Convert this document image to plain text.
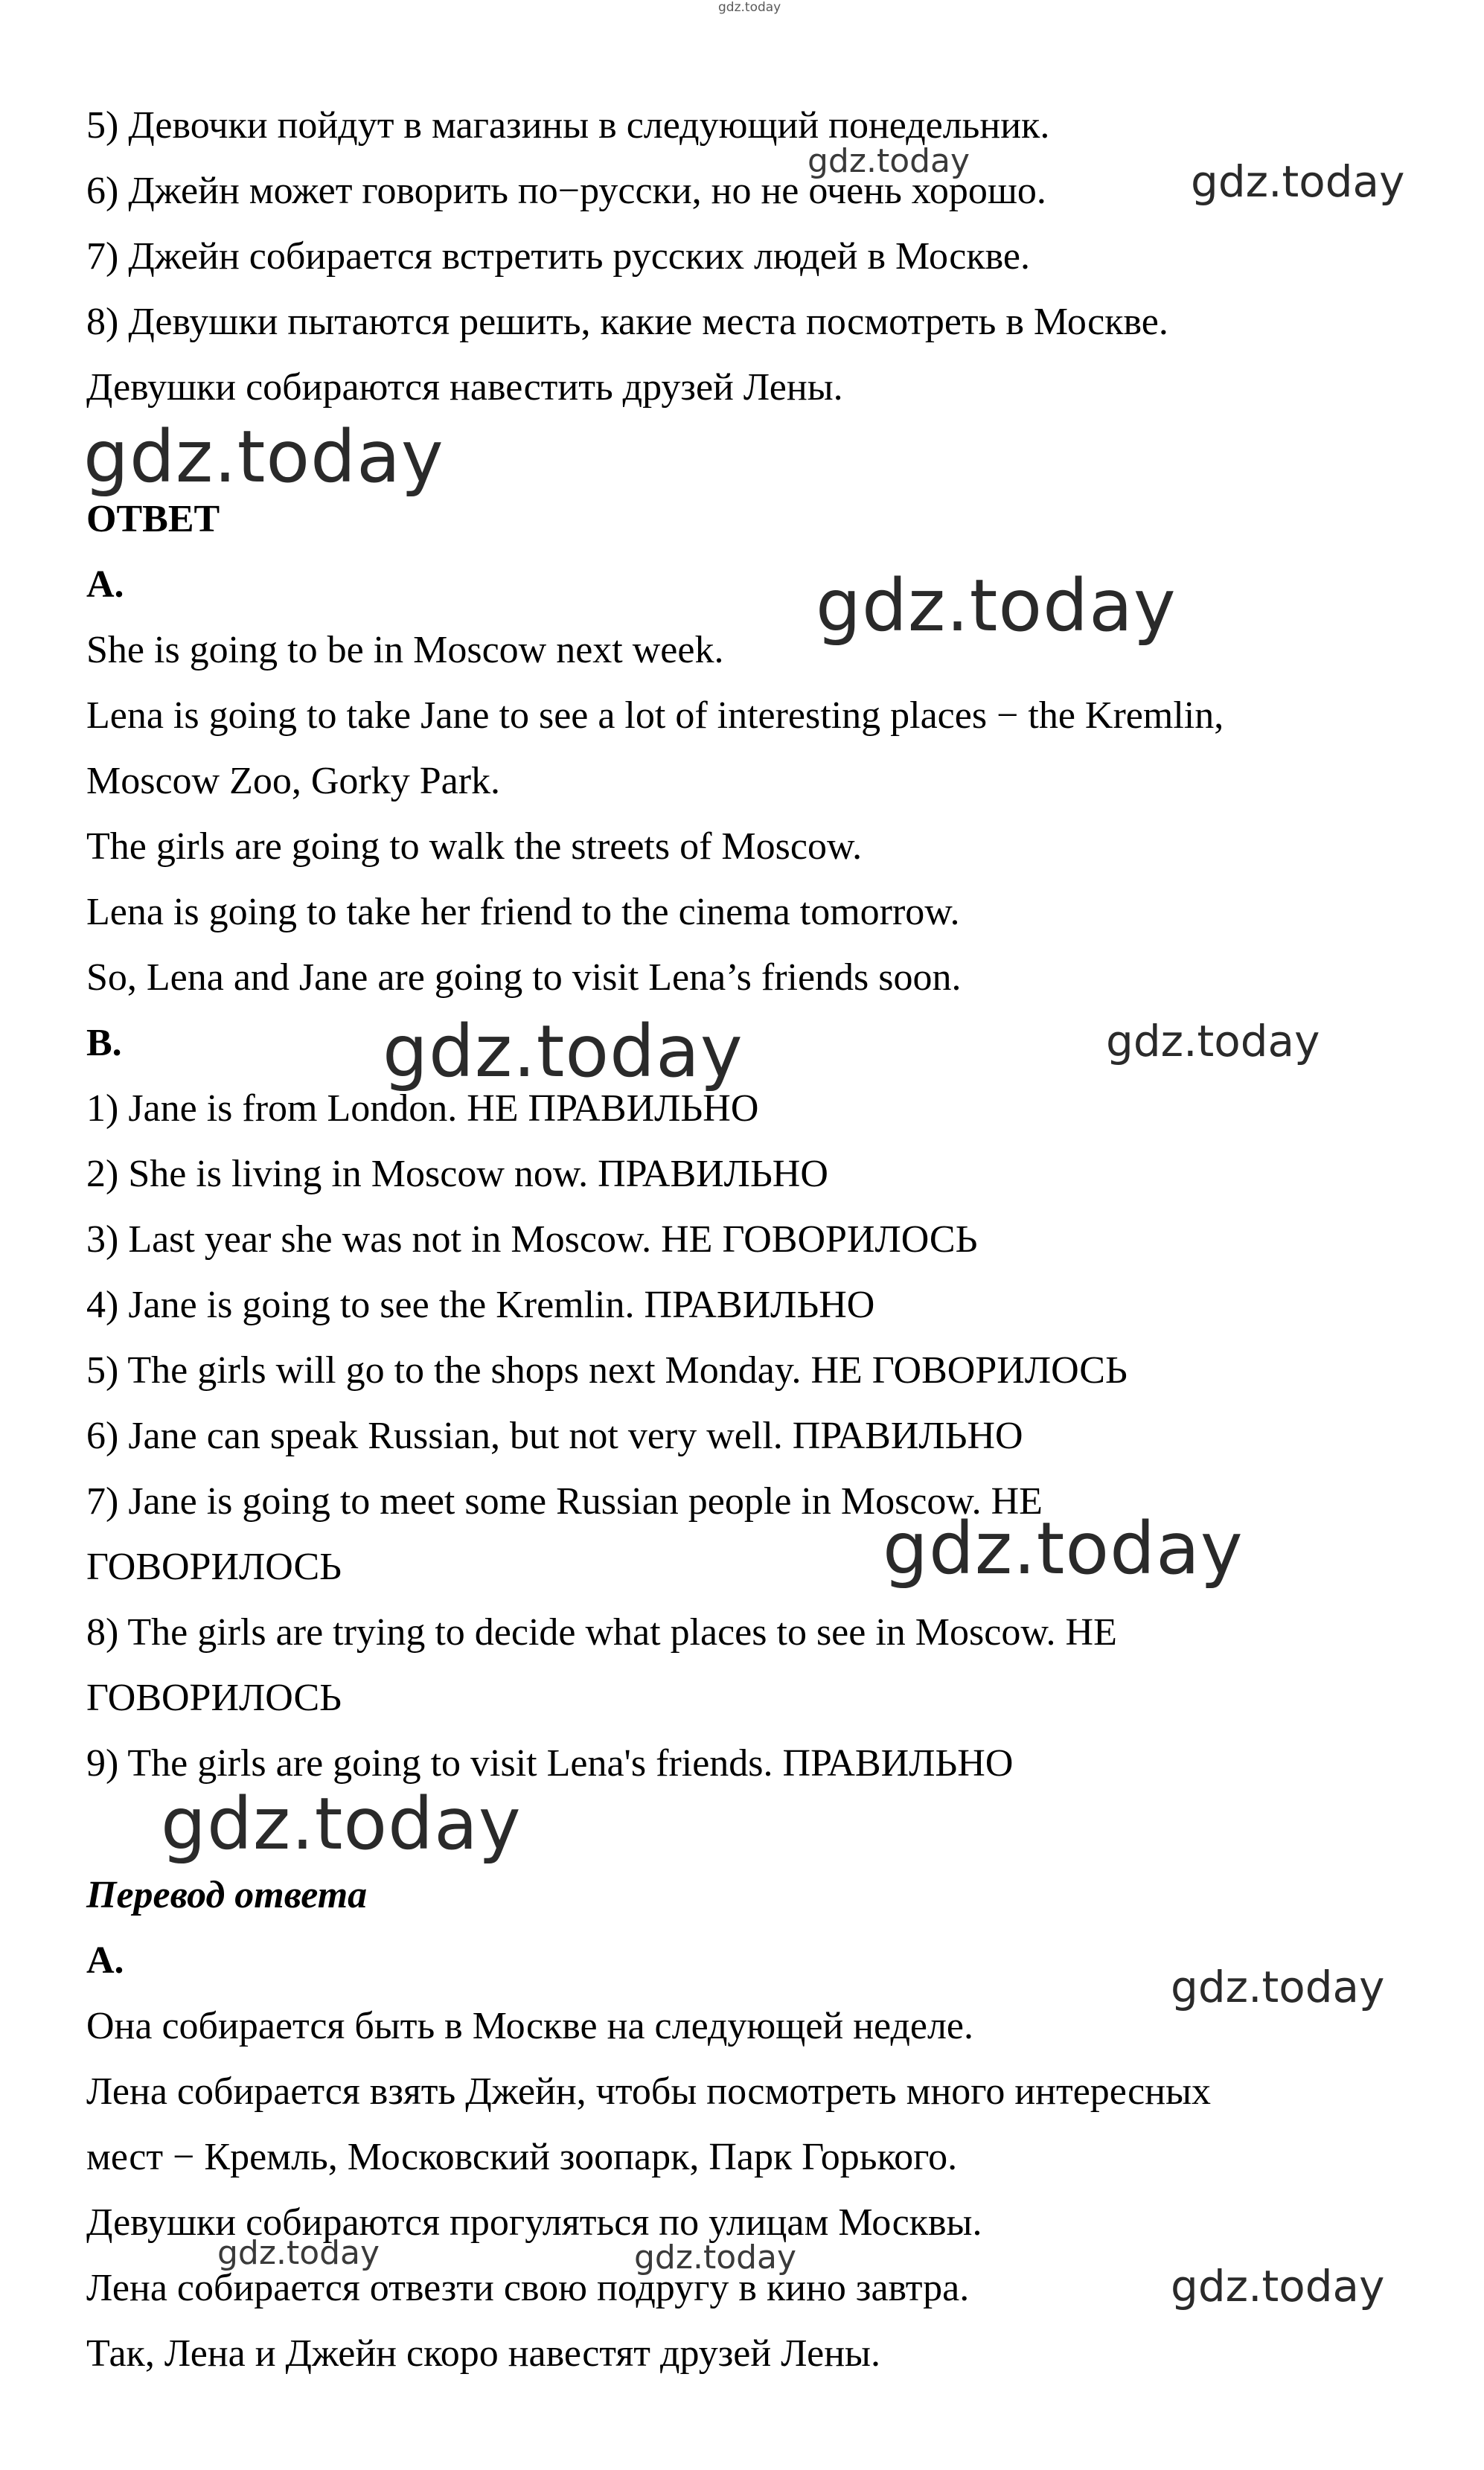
gdz.today
gdz.today	gdz.today
gdz.today
gdz.today
gdz.today	gdz.today
gdz.today
gdz.today
gdz.today
gdz.today	gdz.today
gdz.today
5) Девочки пойдут в магазины в следующий понедельник.
6) Джейн может говорить по−русски, но не очень хорошо.
7) Джейн собирается встретить русских людей в Москве.
8) Девушки пытаются решить, какие места посмотреть в Москве.
Девушки собираются навестить друзей Лены.
ОТВЕТ
A.
She is going to be in Moscow next week.
Lena is going to take Jane to see a lot of interesting places − the Kremlin,
Moscow Zoo, Gorky Park.
The girls are going to walk the streets of Moscow.
Lena is going to take her friend to the cinema tomorrow.
So, Lena and Jane are going to visit Lena’s friends soon.
B.
1) Jane is from London. НЕ ПРАВИЛЬНО
2) She is living in Moscow now. ПРАВИЛЬНО
3) Last year she was not in Moscow. НЕ ГОВОРИЛОСЬ
4) Jane is going to see the Kremlin. ПРАВИЛЬНО
5) The girls will go to the shops next Monday. НЕ ГОВОРИЛОСЬ
6) Jane can speak Russian, but not very well. ПРАВИЛЬНО
7) Jane is going to meet some Russian people in Moscow. НЕ
ГОВОРИЛОСЬ
8) The girls are trying to decide what places to see in Moscow. НЕ
ГОВОРИЛОСЬ
9) The girls are going to visit Lena's friends. ПРАВИЛЬНО
Перевод ответа
A.
Она собирается быть в Москве на следующей неделе.
Лена собирается взять Джейн, чтобы посмотреть много интересных
мест − Кремль, Московский зоопарк, Парк Горького.
Девушки собираются прогуляться по улицам Москвы.
Лена собирается отвезти свою подругу в кино завтра.
Так, Лена и Джейн скоро навестят друзей Лены.
